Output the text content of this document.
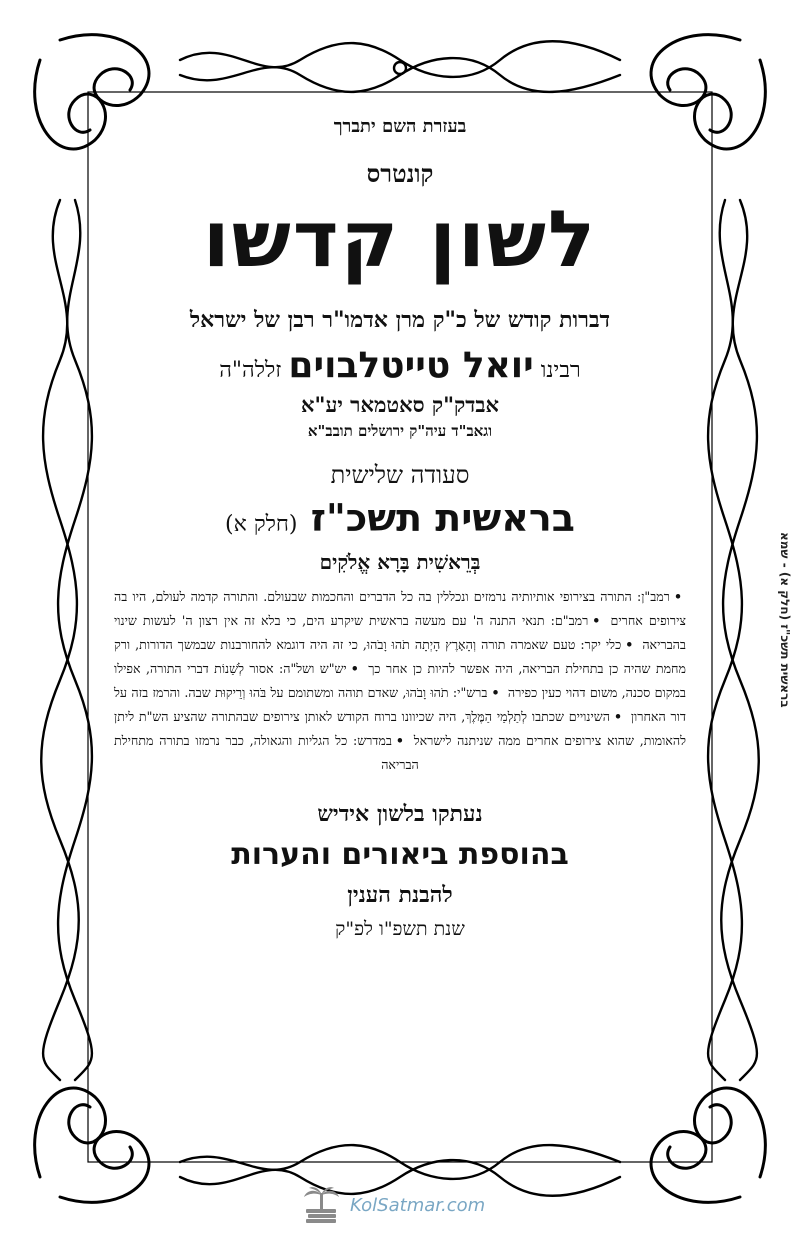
בעזרת השם יתברך
קונטרס
לשון קדשו
דברות קודש של כ"ק מרן אדמו"ר רבן של ישראל
רבינו יואל טייטלבוים זללה"ה
אבדק"ק סאטמאר יע"א
וגאב"ד עיה"ק ירושלים תובב"א
סעודה שלישית
בראשית תשכ"ז (חלק א)
בְּרֵאשִׁית בָּרָא אֱלֹקִים
•רמב"ן: התורה בצירופי אותיותיה נרמזים ונכללין בה כל הדברים והחכמות שבעולם. והתורה קדמה לעולם, היו בה צירופים אחרים •רמב"ם: תנאי התנה ה' עם מעשה בראשית שיקרע הים, כי בלא זה אין רצון ה' לעשות שינוי בהבריאה •כלי יקר: טעם שאמרה תורה וְהָאָרֶץ הָיְתָה תֹהוּ וָבֹהוּ, כי זה היה דוגמא להחורבנות שבמשך הדורות, ורק מחמת שהיה כן בתחילת הבריאה, היה אפשר להיות כן אחר כך •יש"ש ושל"ה: אסור לְשַׁנוֹת דברי התורה, אפילו במקום סכנה, משום דהוי כעין כפירה •ברש"י: תֹהוּ וָבֹהוּ, שאדם תוהה ומשתומם על בֹּהוּ וְרֵיקוּת שבה. והרמז בזה על דור האחרון •השינויים שכתבו לְתַלְמַי הַמֶּלֶךְ, היה שכיוונו ברוח הקודש לאותן צירופים שבהתורה שהציע הש"ת ליתן להאומות, שהוא צירופים אחרים ממה שניתנה לישראל •במדרש: כל הגליות והגאולה, כבר נרמזו בתורה מתחילת הבריאה
נעתקו בלשון אידיש
בהוספת ביאורים והערות
להבנת הענין
שנת תשפ"ו לפ"ק
בראשית תשכ"ז (חלק א) - שמא
KolSatmar.com
